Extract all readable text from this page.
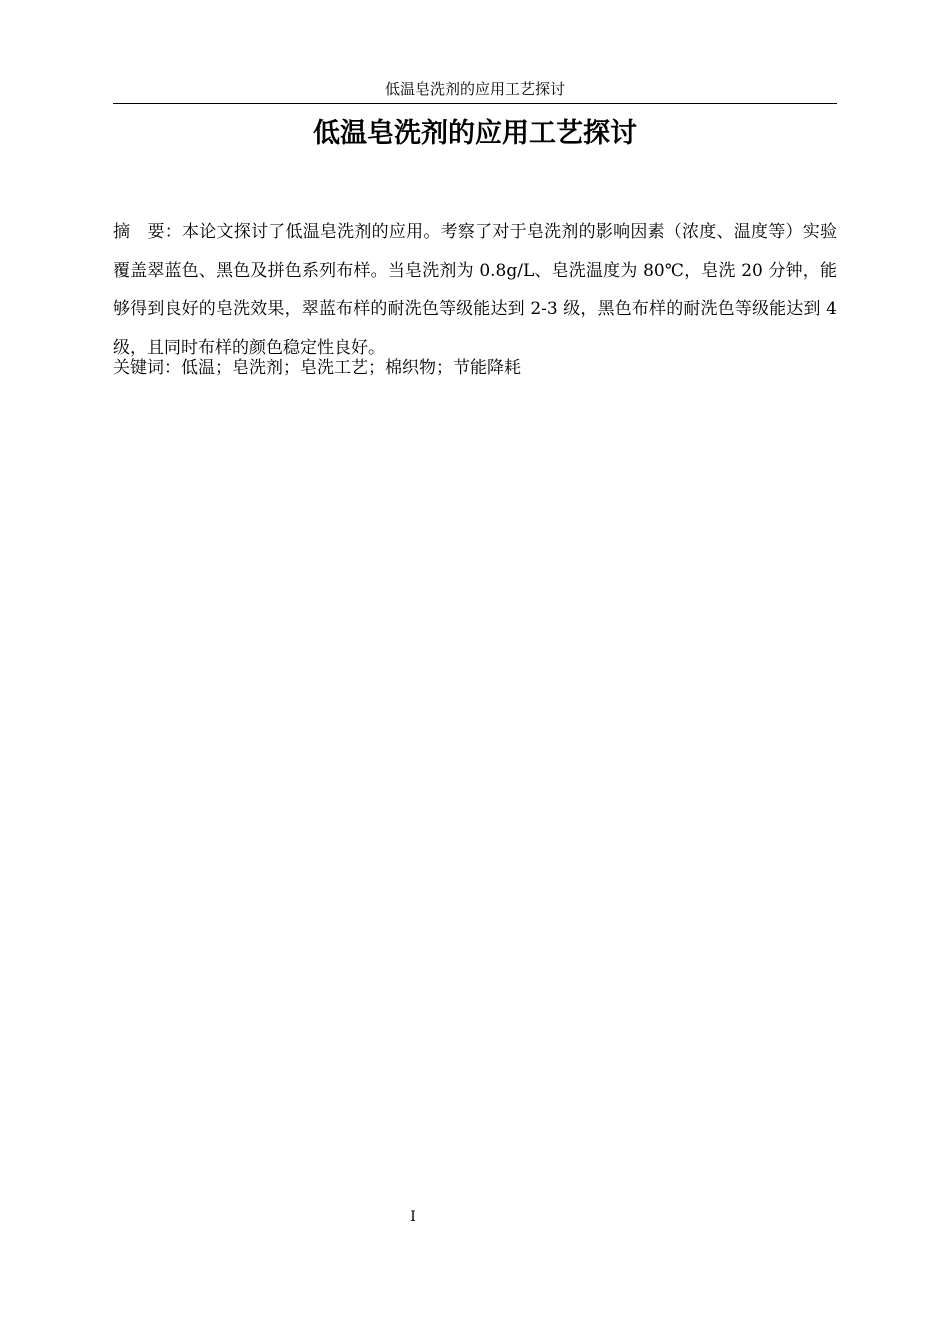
低温皂洗剂的应用工艺探讨
低温皂洗剂的应用工艺探讨

摘　要：本论文探讨了低温皂洗剂的应用。考察了对于皂洗剂的影响因素（浓度、温度等）实验覆盖翠蓝色、黑色及拼色系列布样。当皂洗剂为 0.8g/L、皂洗温度为 80℃，皂洗 20 分钟，能够得到良好的皂洗效果，翠蓝布样的耐洗色等级能达到 2-3 级，黑色布样的耐洗色等级能达到 4 级，且同时布样的颜色稳定性良好。

关键词：低温；皂洗剂；皂洗工艺；棉织物；节能降耗

I
